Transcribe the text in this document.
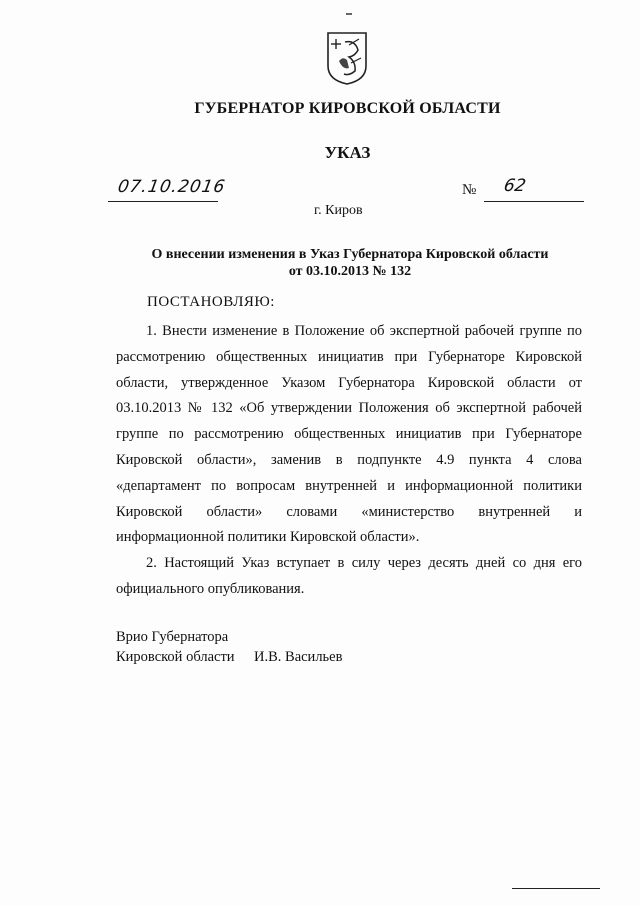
ГУБЕРНАТОР КИРОВСКОЙ ОБЛАСТИ
УКАЗ
07.10.2016	№ 62
г. Киров
О внесении изменения в Указ Губернатора Кировской области
от 03.10.2013 № 132
ПОСТАНОВЛЯЮ:

1. Внести изменение в Положение об экспертной рабочей группе по рассмотрению общественных инициатив при Губернаторе Кировской области, утвержденное Указом Губернатора Кировской области от 03.10.2013 № 132 «Об утверждении Положения об экспертной рабочей группе по рассмотрению общественных инициатив при Губернаторе Кировской области», заменив в подпункте 4.9 пункта 4 слова «департамент по вопросам внутренней и информационной политики Кировской области» словами «министерство внутренней и информационной политики Кировской области».

2. Настоящий Указ вступает в силу через десять дней со дня его официального опубликования.

Врио Губернатора
Кировской области И.В. Васильев
